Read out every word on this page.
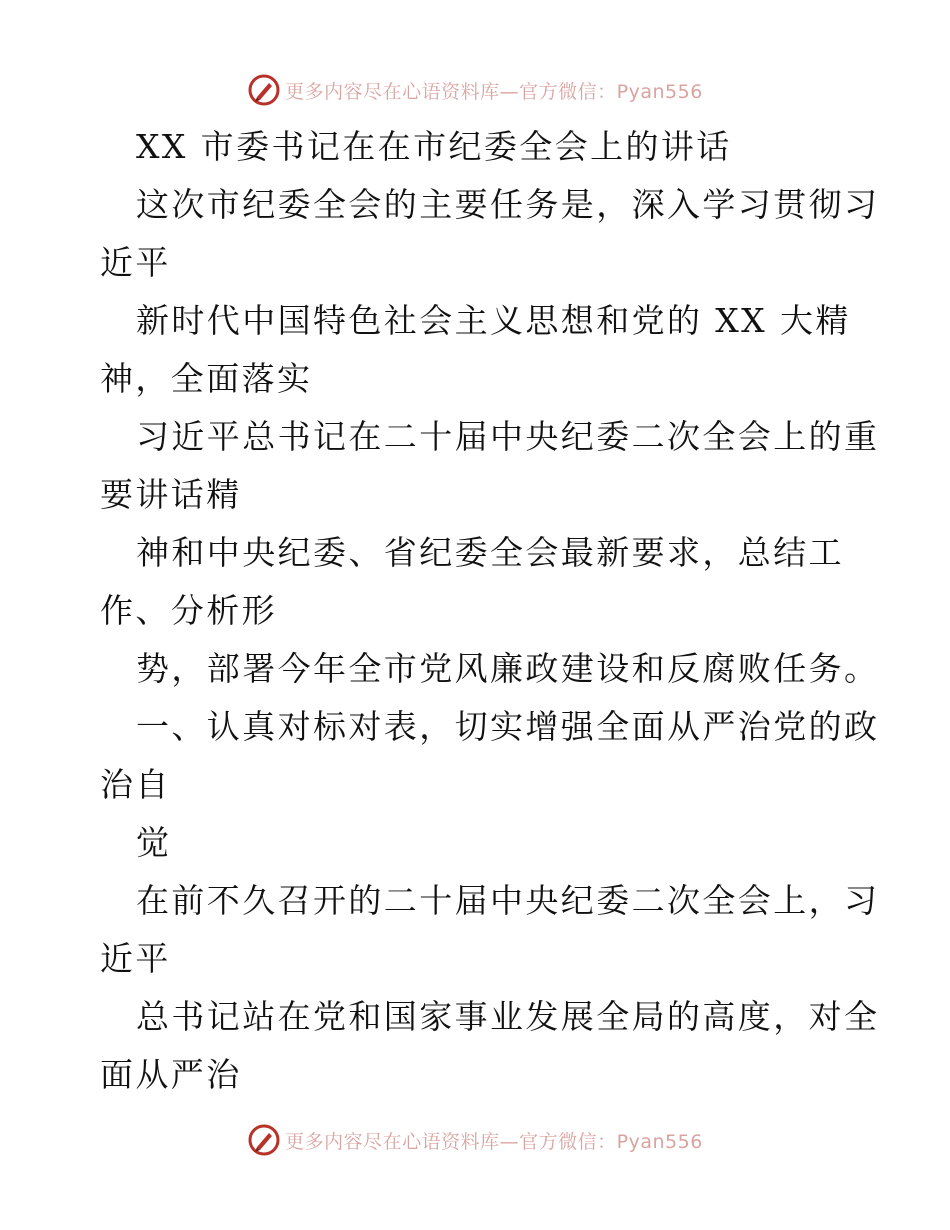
更多内容尽在心语资料库—官方微信：Pyan556
XX 市委书记在在市纪委全会上的讲话
这次市纪委全会的主要任务是，深入学习贯彻习
近平
新时代中国特色社会主义思想和党的 XX 大精
神，全面落实
习近平总书记在二十届中央纪委二次全会上的重
要讲话精
神和中央纪委、省纪委全会最新要求，总结工
作、分析形
势，部署今年全市党风廉政建设和反腐败任务。
一、认真对标对表，切实增强全面从严治党的政
治自
觉
在前不久召开的二十届中央纪委二次全会上，习
近平
总书记站在党和国家事业发展全局的高度，对全
面从严治
更多内容尽在心语资料库—官方微信：Pyan556
